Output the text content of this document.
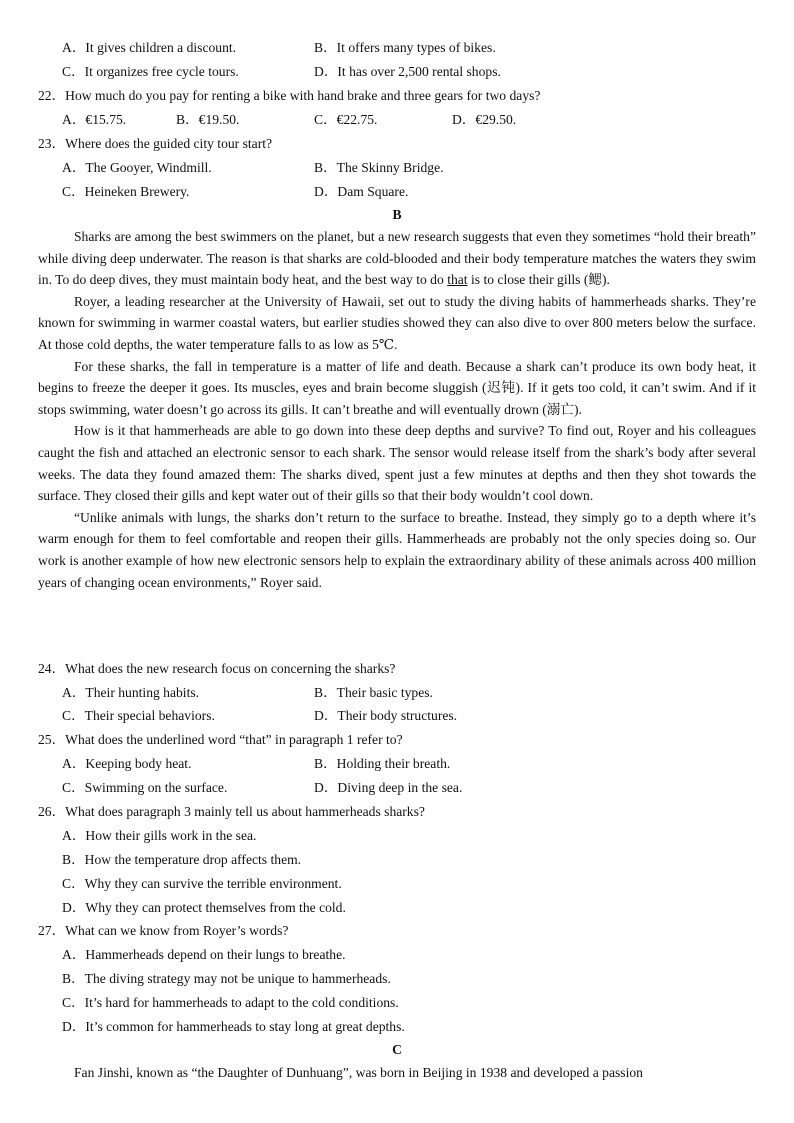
A．It gives children a discount.	B．It offers many types of bikes.
C．It organizes free cycle tours.	D．It has over 2,500 rental shops.
22．How much do you pay for renting a bike with hand brake and three gears for two days?
A．€15.75.	B．€19.50.	C．€22.75.	D．€29.50.
23．Where does the guided city tour start?
A．The Gooyer, Windmill.	B．The Skinny Bridge.
C．Heineken Brewery.	D．Dam Square.
B

Sharks are among the best swimmers on the planet, but a new research suggests that even they sometimes “hold their breath” while diving deep underwater. The reason is that sharks are cold-blooded and their body temperature matches the waters they swim in. To do deep dives, they must maintain body heat, and the best way to do that is to close their gills (鳃).

Royer, a leading researcher at the University of Hawaii, set out to study the diving habits of hammerheads sharks. They’re known for swimming in warmer coastal waters, but earlier studies showed they can also dive to over 800 meters below the surface. At those cold depths, the water temperature falls to as low as 5℃.

For these sharks, the fall in temperature is a matter of life and death. Because a shark can’t produce its own body heat, it begins to freeze the deeper it goes. Its muscles, eyes and brain become sluggish (迟钝). If it gets too cold, it can’t swim. And if it stops swimming, water doesn’t go across its gills. It can’t breathe and will eventually drown (溺亡).

How is it that hammerheads are able to go down into these deep depths and survive? To find out, Royer and his colleagues caught the fish and attached an electronic sensor to each shark. The sensor would release itself from the shark’s body after several weeks. The data they found amazed them: The sharks dived, spent just a few minutes at depths and then they shot towards the surface. They closed their gills and kept water out of their gills so that their body wouldn’t cool down.

“Unlike animals with lungs, the sharks don’t return to the surface to breathe. Instead, they simply go to a depth where it’s warm enough for them to feel comfortable and reopen their gills. Hammerheads are probably not the only species doing so. Our work is another example of how new electronic sensors help to explain the extraordinary ability of these animals across 400 million years of changing ocean environments,” Royer said.

24．What does the new research focus on concerning the sharks?
A．Their hunting habits.	B．Their basic types.
C．Their special behaviors.	D．Their body structures.
25．What does the underlined word “that” in paragraph 1 refer to?
A．Keeping body heat.	B．Holding their breath.
C．Swimming on the surface.	D．Diving deep in the sea.
26．What does paragraph 3 mainly tell us about hammerheads sharks?
A．How their gills work in the sea.
B．How the temperature drop affects them.
C．Why they can survive the terrible environment.
D．Why they can protect themselves from the cold.
27．What can we know from Royer’s words?
A．Hammerheads depend on their lungs to breathe.
B．The diving strategy may not be unique to hammerheads.
C．It’s hard for hammerheads to adapt to the cold conditions.
D．It’s common for hammerheads to stay long at great depths.
C

Fan Jinshi, known as “the Daughter of Dunhuang”, was born in Beijing in 1938 and developed a passion
